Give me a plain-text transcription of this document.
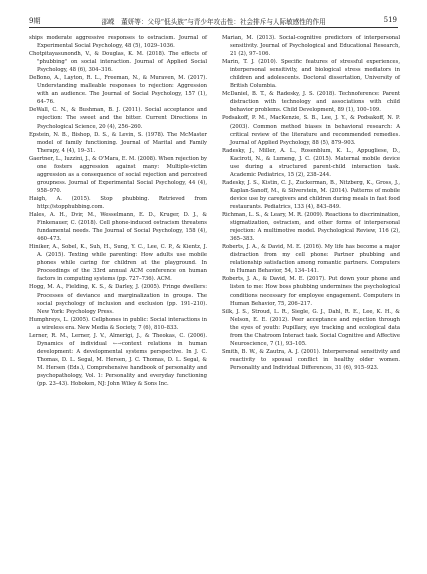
9期	邵嵘　董妍等：父母“低头族”与青少年攻击性：社会排斥与人际敏感性的作用	519

ships moderate aggressive responses to ostracism. Journal of Experimental Social Psychology, 48 (5), 1029–1036.

Chotpitayasunondh, V., & Douglas, K. M. (2018). The effects of "phubbing" on social interaction. Journal of Applied Social Psychology, 48 (6), 304–316.

DeBono, A., Layton, R. L., Freeman, N., & Muraven, M. (2017). Understanding malleable responses to rejection: Aggression with an audience. The Journal of Social Psychology, 157 (1), 64–76.

DeWall, C. N., & Bushman, B. J. (2011). Social acceptance and rejection: The sweet and the bitter. Current Directions in Psychological Science, 20 (4), 256–260.

Epstein, N. B., Bishop, D. S., & Levin, S. (1978). The McMaster model of family functioning. Journal of Marital and Family Therapy, 4 (4), 19–31.

Gaertner, L., Iuzzini, J., & O'Mara, E. M. (2008). When rejection by one fosters aggression against many: Multiple-victim aggression as a consequence of social rejection and perceived groupness. Journal of Experimental Social Psychology, 44 (4), 958–970.

Haigh, A. (2015). Stop phubbing. Retrieved from http://stopphubbing.com.

Hales, A. H., Dvir, M., Wesselmann, E. D., Kruger, D. J., & Finkenauer, C. (2018). Cell phone-induced ostracism threatens fundamental needs. The Journal of Social Psychology, 158 (4), 460–473.

Hiniker, A., Sobel, K., Suh, H., Sung, Y. C., Lee, C. P., & Kientz, J. A. (2015). Texting while parenting: How adults use mobile phones while caring for children at the playground. In Proceedings of the 33rd annual ACM conference on human factors in computing systems (pp. 727–736). ACM.

Hogg, M. A., Fielding, K. S., & Darley, J. (2005). Fringe dwellers: Processes of deviance and marginalization in groups. The social psychology of inclusion and exclusion (pp. 191–210). New York: Psychology Press.

Humphreys, L. (2005). Cellphones in public: Social interactions in a wireless era. New Media & Society, 7 (6), 810–833.

Lerner, R. M., Lerner, J. V., Almerigi, J., & Theokas, C. (2006). Dynamics of individual ←→context relations in human development: A developmental systems perspective. In J. C. Thomas, D. L. Segal, M. Hersen, J. C. Thomas, D. L. Segal, & M. Hersen (Eds.), Comprehensive handbook of personality and psychopathology, Vol. 1: Personality and everyday functioning (pp. 23–43). Hoboken, NJ: John Wiley & Sons Inc.

Marian, M. (2013). Social-cognitive predictors of interpersonal sensitivity. Journal of Psychological and Educational Research, 21 (2), 97–106.

Marin, T. J. (2010). Specific features of stressful experiences, interpersonal sensitivity, and biological stress mediators in children and adolescents. Doctoral dissertation, University of British Columbia.

McDaniel, B. T., & Radesky, J. S. (2018). Technoference: Parent distraction with technology and associations with child behavior problems. Child Development, 89 (1), 100–109.

Podsakoff, P. M., MacKenzie, S. B., Lee, J. Y., & Podsakoff, N. P. (2003). Common method biases in behavioral research: A critical review of the literature and recommended remedies. Journal of Applied Psychology, 88 (5), 879–903.

Radesky, J., Miller, A. L., Rosenblum, K. L., Appugliese, D., Kaciroti, N., & Lumeng, J. C. (2015). Maternal mobile device use during a structured parent-child interaction task. Academic Pediatrics, 15 (2), 238–244.

Radesky, J. S., Kistin, C. J., Zuckerman, B., Nitzberg, K., Gross, J., Kaplan-Sanoff, M., & Silverstein, M. (2014). Patterns of mobile device use by caregivers and children during meals in fast food restaurants. Pediatrics, 133 (4), 843–849.

Richman, L. S., & Leary, M. R. (2009). Reactions to discrimination, stigmatization, ostracism, and other forms of interpersonal rejection: A multimotive model. Psychological Review, 116 (2), 365–383.

Roberts, J. A., & David, M. E. (2016). My life has become a major distraction from my cell phone: Partner phubbing and relationship satisfaction among romantic partners. Computers in Human Behavior, 54, 134–141.

Roberts, J. A., & David, M. E. (2017). Put down your phone and listen to me: How boss phubbing undermines the psychological conditions necessary for employee engagement. Computers in Human Behavior, 75, 206–217.

Silk, J. S., Stroud, L. R., Siegle, G. J., Dahl, R. E., Lee, K. H., & Nelson, E. E. (2012). Peer acceptance and rejection through the eyes of youth: Pupillary, eye tracking and ecological data from the Chatroom Interact task. Social Cognitive and Affective Neuroscience, 7 (1), 93–105.

Smith, B. W., & Zautra, A. J. (2001). Interpersonal sensitivity and reactivity to spousal conflict in healthy older women. Personality and Individual Differences, 31 (6), 915–923.
